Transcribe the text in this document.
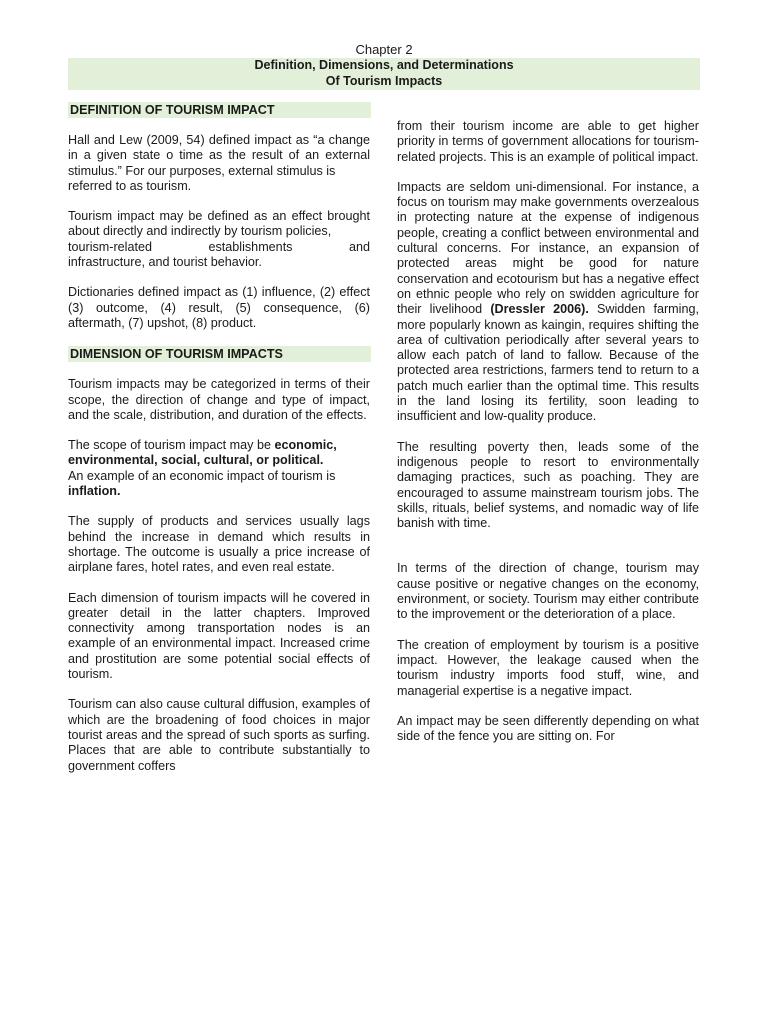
Chapter 2
Definition, Dimensions, and Determinations
Of Tourism Impacts
DEFINITION OF TOURISM IMPACT

Hall and Lew (2009, 54) defined impact as “a change in a given state o time as the result of an external stimulus.” For our purposes, external stimulus is
referred to as tourism.

Tourism impact may be defined as an effect brought about directly and indirectly by tourism policies,
tourism-related	establishments	and
infrastructure, and tourist behavior.

Dictionaries defined impact as (1) influence, (2) effect (3) outcome, (4) result, (5) consequence, (6) aftermath, (7) upshot, (8) product.

DIMENSION OF TOURISM IMPACTS

Tourism impacts may be categorized in terms of their scope, the direction of change and type of impact, and the scale, distribution, and duration of the effects.

The scope of tourism impact may be economic, environmental, social, cultural, or political.
An example of an economic impact of tourism is inflation.

The supply of products and services usually lags behind the increase in demand which results in shortage. The outcome is usually a price increase of airplane fares, hotel rates, and even real estate.

Each dimension of tourism impacts will he covered in greater detail in the latter chapters. Improved connectivity among transportation nodes is an example of an environmental impact. Increased crime and prostitution are some potential social effects of tourism.

Tourism can also cause cultural diffusion, examples of which are the broadening of food choices in major tourist areas and the spread of such sports as surfing. Places that are able to contribute substantially to government coffers

from their tourism income are able to get higher priority in terms of government allocations for tourism-related projects. This is an example of political impact.

Impacts are seldom uni-dimensional. For instance, a focus on tourism may make governments overzealous in protecting nature at the expense of indigenous people, creating a conflict between environmental and cultural concerns. For instance, an expansion of protected areas might be good for nature conservation and ecotourism but has a negative effect on ethnic people who rely on swidden agriculture for their livelihood (Dressler 2006). Swidden farming, more popularly known as kaingin, requires shifting the area of cultivation periodically after several years to allow each patch of land to fallow. Because of the protected area restrictions, farmers tend to return to a patch much earlier than the optimal time. This results in the land losing its fertility, soon leading to insufficient and low-quality produce.

The resulting poverty then, leads some of the indigenous people to resort to environmentally damaging practices, such as poaching. They are encouraged to assume mainstream tourism jobs. The skills, rituals, belief systems, and nomadic way of life banish with time.

In terms of the direction of change, tourism may cause positive or negative changes on the economy, environment, or society. Tourism may either contribute to the improvement or the deterioration of a place.

The creation of employment by tourism is a positive impact. However, the leakage caused when the tourism industry imports food stuff, wine, and managerial expertise is a negative impact.

An impact may be seen differently depending on what side of the fence you are sitting on. For
